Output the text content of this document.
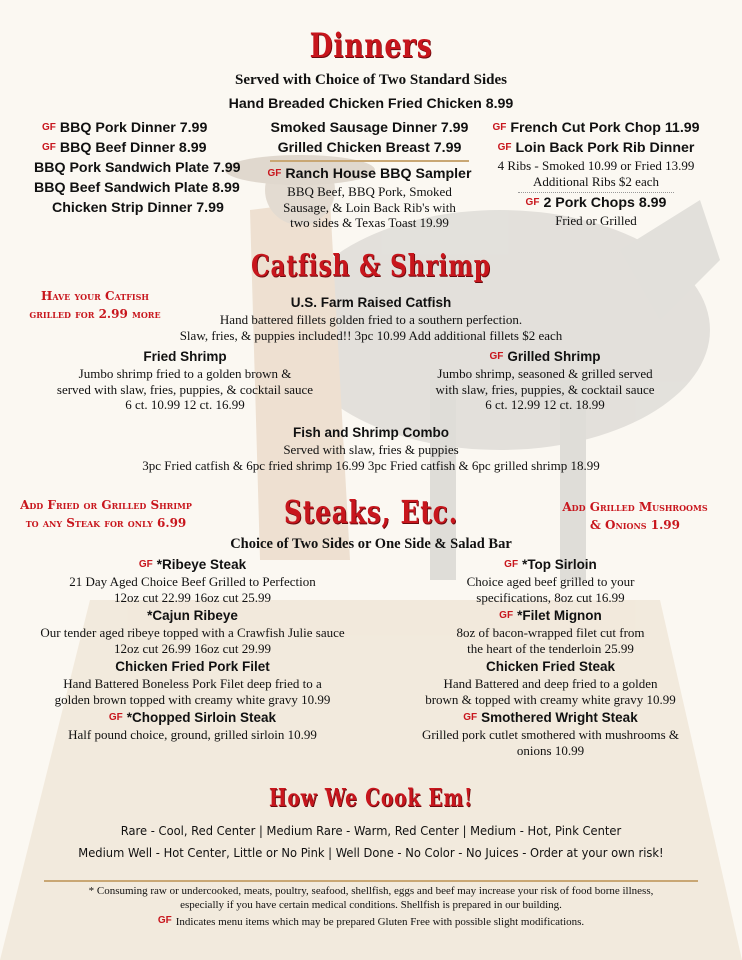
Dinners
Served with Choice of Two Standard Sides
Hand Breaded Chicken Fried Chicken 8.99
GF BBQ Pork Dinner 7.99
GF BBQ Beef Dinner 8.99
BBQ Pork Sandwich Plate 7.99
BBQ Beef Sandwich Plate 8.99
Chicken Strip Dinner 7.99
Smoked Sausage Dinner 7.99
Grilled Chicken Breast 7.99
GF Ranch House BBQ Sampler
BBQ Beef, BBQ Pork, Smoked Sausage, & Loin Back Rib's with two sides & Texas Toast 19.99
GF French Cut Pork Chop 11.99
GF Loin Back Pork Rib Dinner
4 Ribs - Smoked 10.99 or Fried 13.99
Additional Ribs $2 each
GF 2 Pork Chops 8.99
Fried or Grilled
Catfish & Shrimp
Have your Catfish
grilled for 2.99 more
U.S. Farm Raised Catfish
Hand battered fillets golden fried to a southern perfection.
Slaw, fries, & puppies included!! 3pc 10.99 Add additional fillets $2 each
Fried Shrimp
Jumbo shrimp fried to a golden brown &
served with slaw, fries, puppies, & cocktail sauce
6 ct. 10.99 12 ct. 16.99
GF Grilled Shrimp
Jumbo shrimp, seasoned & grilled served
with slaw, fries, puppies, & cocktail sauce
6 ct. 12.99 12 ct. 18.99
Fish and Shrimp Combo
Served with slaw, fries & puppies
3pc Fried catfish & 6pc fried shrimp 16.99 3pc Fried catfish & 6pc grilled shrimp 18.99
Steaks, Etc.
Add Fried or Grilled Shrimp
to any Steak for only 6.99
Add Grilled Mushrooms
& Onions 1.99
Choice of Two Sides or One Side & Salad Bar
GF *Ribeye Steak
21 Day Aged Choice Beef Grilled to Perfection
12oz cut 22.99 16oz cut 25.99
*Cajun Ribeye
Our tender aged ribeye topped with a Crawfish Julie sauce
12oz cut 26.99 16oz cut 29.99
Chicken Fried Pork Filet
Hand Battered Boneless Pork Filet deep fried to a
golden brown topped with creamy white gravy 10.99
GF *Chopped Sirloin Steak
Half pound choice, ground, grilled sirloin 10.99
GF *Top Sirloin
Choice aged beef grilled to your
specifications, 8oz cut 16.99
GF *Filet Mignon
8oz of bacon-wrapped filet cut from
the heart of the tenderloin 25.99
Chicken Fried Steak
Hand Battered and deep fried to a golden
brown & topped with creamy white gravy 10.99
GF Smothered Wright Steak
Grilled pork cutlet smothered with mushrooms &
onions 10.99
How We Cook Em!
Rare - Cool, Red Center | Medium Rare - Warm, Red Center | Medium - Hot, Pink Center
Medium Well - Hot Center, Little or No Pink | Well Done - No Color - No Juices - Order at your own risk!
* Consuming raw or undercooked, meats, poultry, seafood, shellfish, eggs and beef may increase your risk of food borne illness,
especially if you have certain medical conditions. Shellfish is prepared in our building.
GF Indicates menu items which may be prepared Gluten Free with possible slight modifications.
